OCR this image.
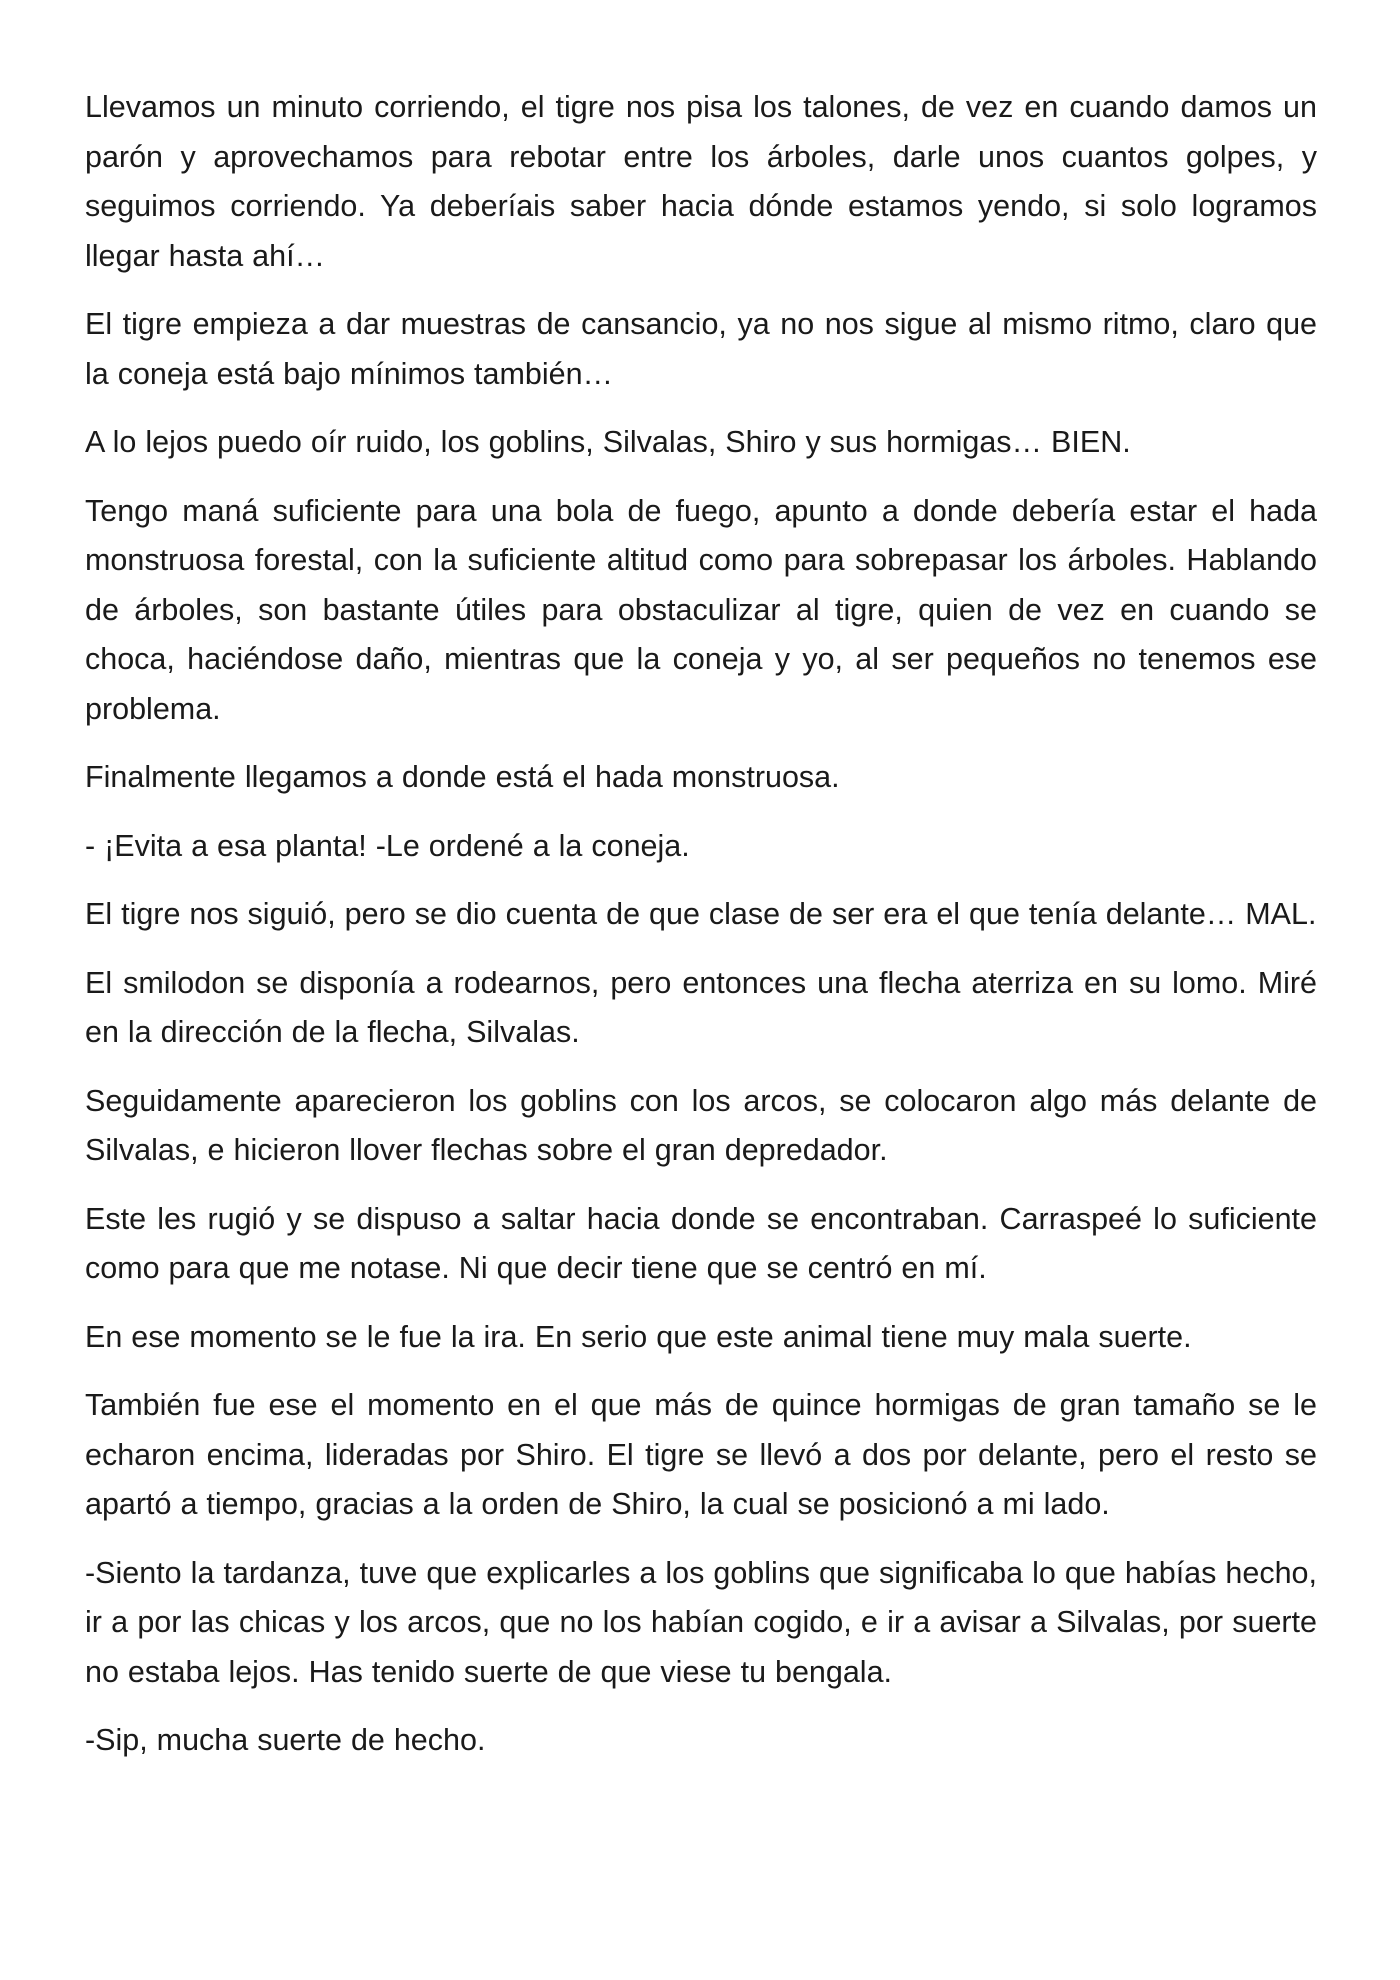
Llevamos un minuto corriendo, el tigre nos pisa los talones, de vez en cuando damos un parón y aprovechamos para rebotar entre los árboles, darle unos cuantos golpes, y seguimos corriendo. Ya deberíais saber hacia dónde estamos yendo, si solo logramos llegar hasta ahí…

El tigre empieza a dar muestras de cansancio, ya no nos sigue al mismo ritmo, claro que la coneja está bajo mínimos también…

A lo lejos puedo oír ruido, los goblins, Silvalas, Shiro y sus hormigas… BIEN.

Tengo maná suficiente para una bola de fuego, apunto a donde debería estar el hada monstruosa forestal, con la suficiente altitud como para sobrepasar los árboles. Hablando de árboles, son bastante útiles para obstaculizar al tigre, quien de vez en cuando se choca, haciéndose daño, mientras que la coneja y yo, al ser pequeños no tenemos ese problema.

Finalmente llegamos a donde está el hada monstruosa.

- ¡Evita a esa planta! -Le ordené a la coneja.

El tigre nos siguió, pero se dio cuenta de que clase de ser era el que tenía delante… MAL.

El smilodon se disponía a rodearnos, pero entonces una flecha aterriza en su lomo. Miré en la dirección de la flecha, Silvalas.

Seguidamente aparecieron los goblins con los arcos, se colocaron algo más delante de Silvalas, e hicieron llover flechas sobre el gran depredador.

Este les rugió y se dispuso a saltar hacia donde se encontraban. Carraspeé lo suficiente como para que me notase. Ni que decir tiene que se centró en mí.

En ese momento se le fue la ira. En serio que este animal tiene muy mala suerte.

También fue ese el momento en el que más de quince hormigas de gran tamaño se le echaron encima, lideradas por Shiro. El tigre se llevó a dos por delante, pero el resto se apartó a tiempo, gracias a la orden de Shiro, la cual se posicionó a mi lado.

-Siento la tardanza, tuve que explicarles a los goblins que significaba lo que habías hecho, ir a por las chicas y los arcos, que no los habían cogido, e ir a avisar a Silvalas, por suerte no estaba lejos. Has tenido suerte de que viese tu bengala.

-Sip, mucha suerte de hecho.
